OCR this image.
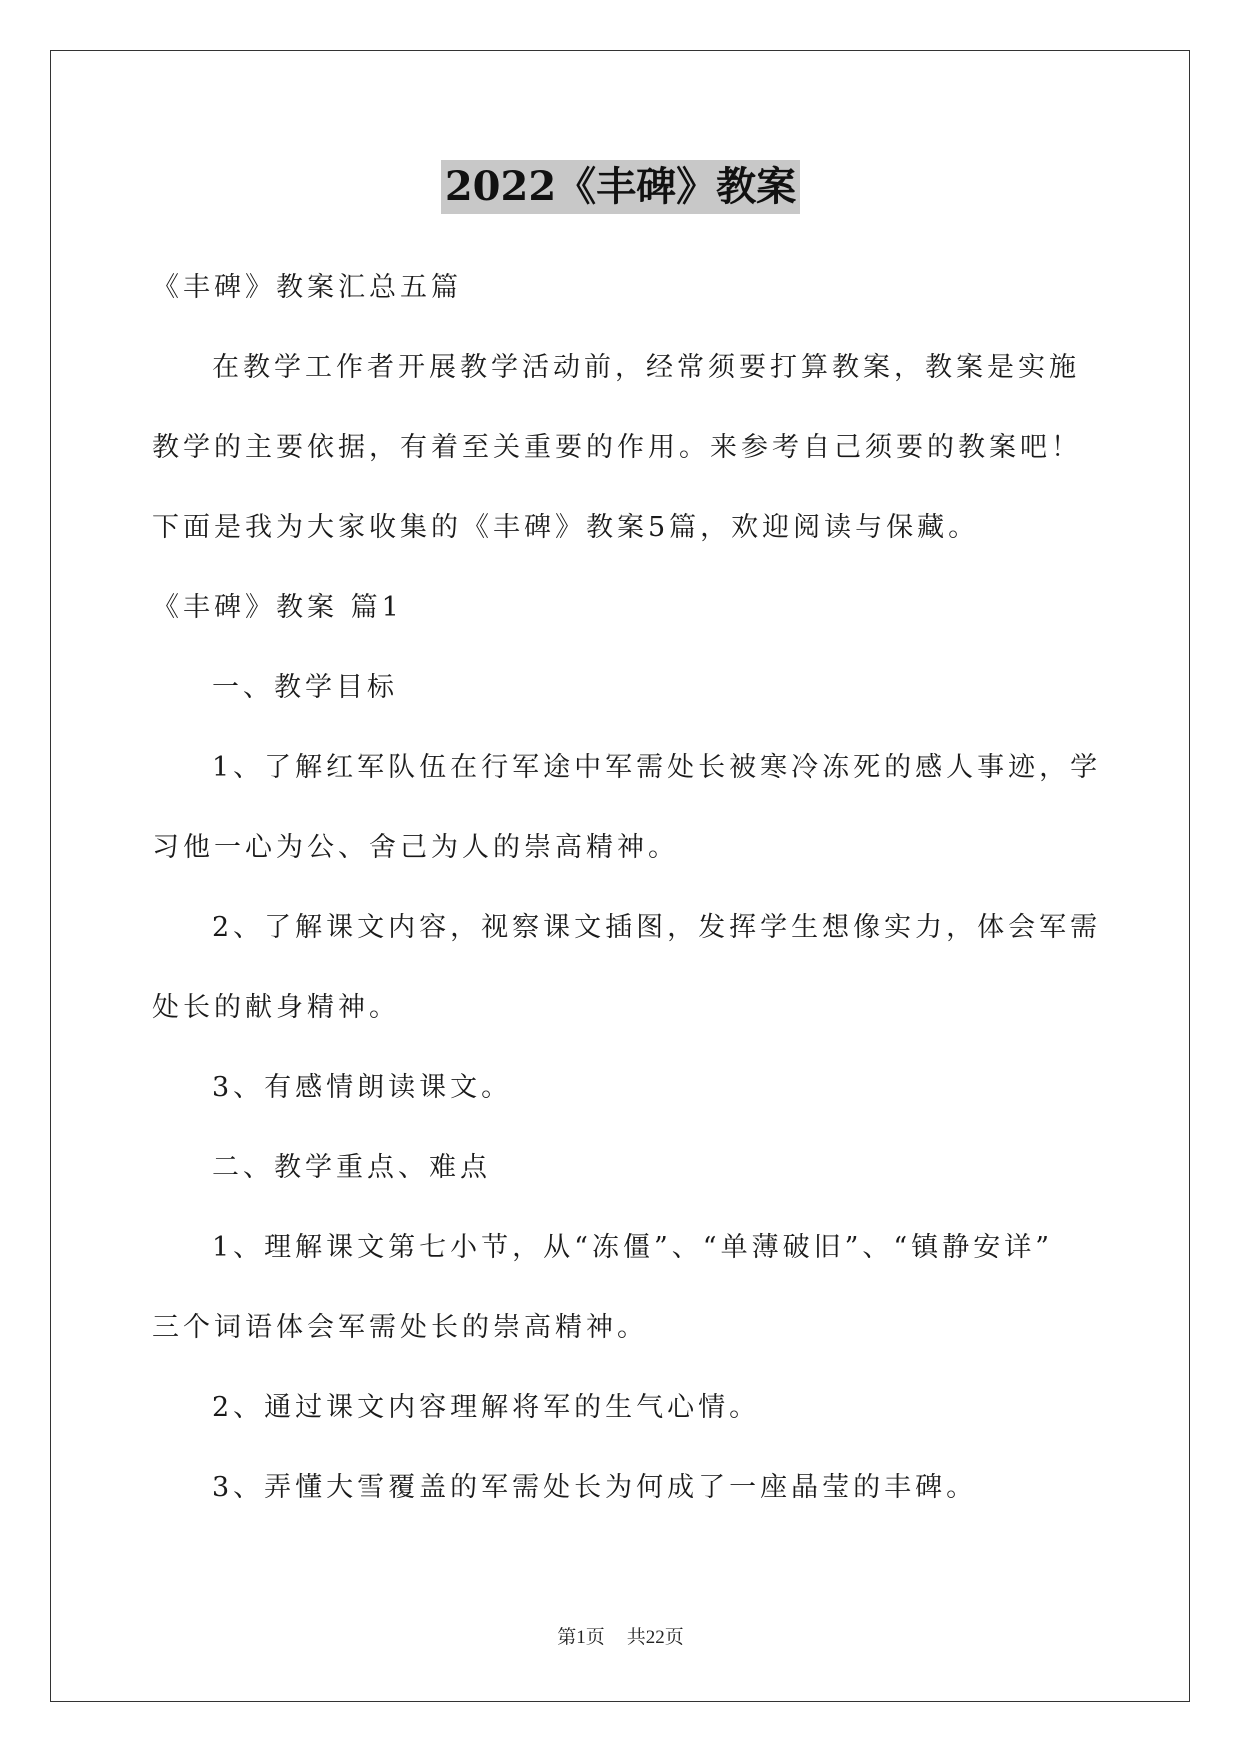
2022《丰碑》教案
《丰碑》教案汇总五篇
在教学工作者开展教学活动前，经常须要打算教案，教案是实施
教学的主要依据，有着至关重要的作用。来参考自己须要的教案吧！
下面是我为大家收集的《丰碑》教案5篇，欢迎阅读与保藏。
《丰碑》教案 篇1
一、教学目标
1、了解红军队伍在行军途中军需处长被寒冷冻死的感人事迹，学
习他一心为公、舍己为人的崇高精神。
2、了解课文内容，视察课文插图，发挥学生想像实力，体会军需
处长的献身精神。
3、有感情朗读课文。
二、教学重点、难点
1、理解课文第七小节，从“冻僵”、“单薄破旧”、“镇静安详”
三个词语体会军需处长的崇高精神。
2、通过课文内容理解将军的生气心情。
3、弄懂大雪覆盖的军需处长为何成了一座晶莹的丰碑。
第1页 共22页
